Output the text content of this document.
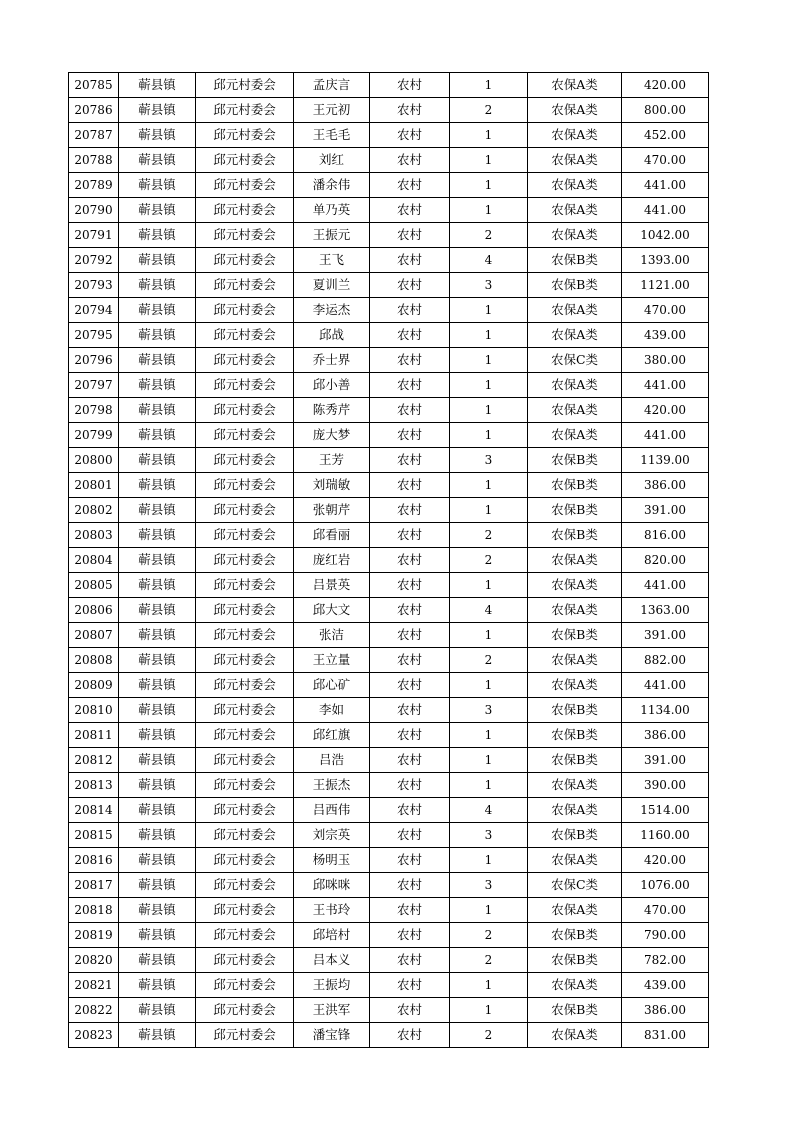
20785	蕲县镇	邱元村委会	孟庆言	农村	1	农保A类	420.00
20786	蕲县镇	邱元村委会	王元初	农村	2	农保A类	800.00
20787	蕲县镇	邱元村委会	王毛毛	农村	1	农保A类	452.00
20788	蕲县镇	邱元村委会	刘红	农村	1	农保A类	470.00
20789	蕲县镇	邱元村委会	潘余伟	农村	1	农保A类	441.00
20790	蕲县镇	邱元村委会	单乃英	农村	1	农保A类	441.00
20791	蕲县镇	邱元村委会	王振元	农村	2	农保A类	1042.00
20792	蕲县镇	邱元村委会	王飞	农村	4	农保B类	1393.00
20793	蕲县镇	邱元村委会	夏训兰	农村	3	农保B类	1121.00
20794	蕲县镇	邱元村委会	李运杰	农村	1	农保A类	470.00
20795	蕲县镇	邱元村委会	邱战	农村	1	农保A类	439.00
20796	蕲县镇	邱元村委会	乔士界	农村	1	农保C类	380.00
20797	蕲县镇	邱元村委会	邱小善	农村	1	农保A类	441.00
20798	蕲县镇	邱元村委会	陈秀芹	农村	1	农保A类	420.00
20799	蕲县镇	邱元村委会	庞大梦	农村	1	农保A类	441.00
20800	蕲县镇	邱元村委会	王芳	农村	3	农保B类	1139.00
20801	蕲县镇	邱元村委会	刘瑞敏	农村	1	农保B类	386.00
20802	蕲县镇	邱元村委会	张朝芹	农村	1	农保B类	391.00
20803	蕲县镇	邱元村委会	邱看丽	农村	2	农保B类	816.00
20804	蕲县镇	邱元村委会	庞红岩	农村	2	农保A类	820.00
20805	蕲县镇	邱元村委会	吕景英	农村	1	农保A类	441.00
20806	蕲县镇	邱元村委会	邱大文	农村	4	农保A类	1363.00
20807	蕲县镇	邱元村委会	张洁	农村	1	农保B类	391.00
20808	蕲县镇	邱元村委会	王立量	农村	2	农保A类	882.00
20809	蕲县镇	邱元村委会	邱心矿	农村	1	农保A类	441.00
20810	蕲县镇	邱元村委会	李如	农村	3	农保B类	1134.00
20811	蕲县镇	邱元村委会	邱红旗	农村	1	农保B类	386.00
20812	蕲县镇	邱元村委会	吕浩	农村	1	农保B类	391.00
20813	蕲县镇	邱元村委会	王振杰	农村	1	农保A类	390.00
20814	蕲县镇	邱元村委会	吕西伟	农村	4	农保A类	1514.00
20815	蕲县镇	邱元村委会	刘宗英	农村	3	农保B类	1160.00
20816	蕲县镇	邱元村委会	杨明玉	农村	1	农保A类	420.00
20817	蕲县镇	邱元村委会	邱咪咪	农村	3	农保C类	1076.00
20818	蕲县镇	邱元村委会	王书玲	农村	1	农保A类	470.00
20819	蕲县镇	邱元村委会	邱培村	农村	2	农保B类	790.00
20820	蕲县镇	邱元村委会	吕本义	农村	2	农保B类	782.00
20821	蕲县镇	邱元村委会	王振均	农村	1	农保A类	439.00
20822	蕲县镇	邱元村委会	王洪军	农村	1	农保B类	386.00
20823	蕲县镇	邱元村委会	潘宝锋	农村	2	农保A类	831.00
